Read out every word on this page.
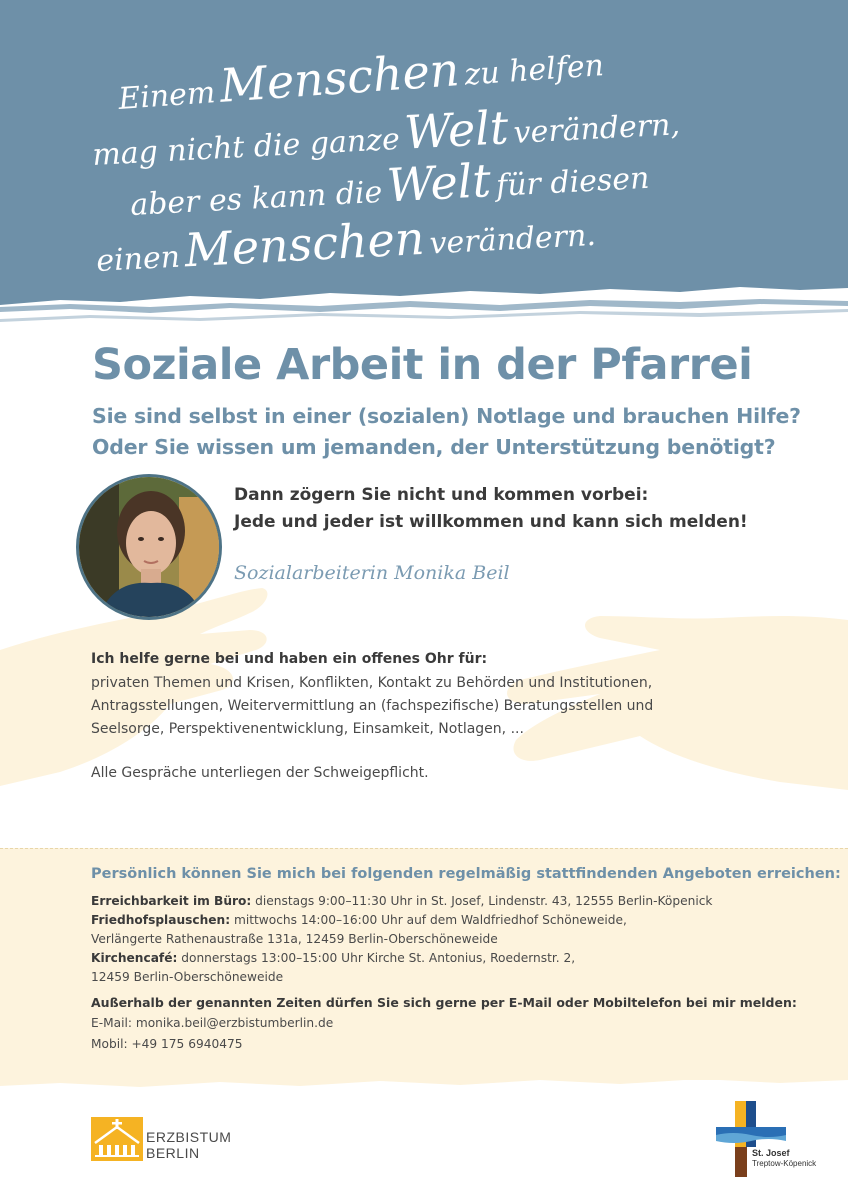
Einem Menschen zu helfen
mag nicht die ganze Welt verändern,
aber es kann die Welt für diesen
einen Menschen verändern.
Soziale Arbeit in der Pfarrei
Sie sind selbst in einer (sozialen) Notlage und brauchen Hilfe?
Oder Sie wissen um jemanden, der Unterstützung benötigt?
Dann zögern Sie nicht und kommen vorbei:
Jede und jeder ist willkommen und kann sich melden!
Sozialarbeiterin Monika Beil
Ich helfe gerne bei und haben ein offenes Ohr für:
privaten Themen und Krisen, Konflikten, Kontakt zu Behörden und Institutionen,
Antragsstellungen, Weitervermittlung an (fachspezifische) Beratungsstellen und
Seelsorge, Perspektivenentwicklung, Einsamkeit, Notlagen, ...
Alle Gespräche unterliegen der Schweigepflicht.
Persönlich können Sie mich bei folgenden regelmäßig stattfindenden Angeboten erreichen:
Erreichbarkeit im Büro: dienstags 9:00–11:30 Uhr in St. Josef, Lindenstr. 43, 12555 Berlin-Köpenick
Friedhofsplauschen: mittwochs 14:00–16:00 Uhr auf dem Waldfriedhof Schöneweide,
Verlängerte Rathenaustraße 131a, 12459 Berlin-Oberschöneweide
Kirchencafé: donnerstags 13:00–15:00 Uhr Kirche St. Antonius, Roedernstr. 2,
12459 Berlin-Oberschöneweide
Außerhalb der genannten Zeiten dürfen Sie sich gerne per E-Mail oder Mobiltelefon bei mir melden:
E-Mail: monika.beil@erzbistumberlin.de
Mobil: +49 175 6940475
ERZBISTUM
BERLIN	St. Josef
Treptow-Köpenick
